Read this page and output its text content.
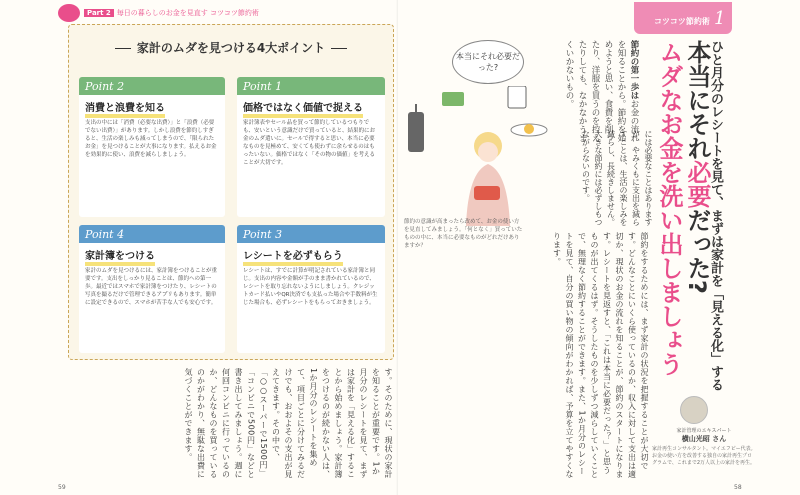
Part 2 毎日の暮らしのお金を見直す コツコツ節約術
家計のムダを見つける4大ポイント
Point 2
消費と浪費を知る
支出の中には「消費（必要な出費）」と「浪費（必要でない出費）」があります。しかし浪費を節約しすぎると、生活の楽しみも減ってしまうので、「限られたお金」を見つけることが大事になります。払えるお金を効果的に使い、浪費を減らしましょう。
Point 1
価格ではなく価値で捉える
家計簿表やセール品を買って節約しているつもりでも、安いという意識だけで買っていると、結果的にお金のムダ遣いに。セールで得すると思い、本当に必要なものを見極めて、安くても使わずに余らせるのはもったいない。価格ではなく「その物の価値」を考えることが大切です。
Point 3
レシートを必ずもらう
レシートは、すでに計算が明記されている家計簿と同じ。支出の内容や金額が手のまま書かれているので、レシートを取り忘れないようにしましょう。クレジットカード払いやQR決済でも支払った場合や手数料が生じた場合も、必ずレシートをもらっておきましょう。
Point 4
家計簿をつける
家計のムダを見つけるには、家計簿をつけることが重要です。支出をしっかり見ることは、節約への第一歩。最近ではスマホで家計簿をつけたり、レシートの写真を撮るだけで管理できるアプリもあります。簡単に設定できるので、スマホが苦手な人でも安心です。
す。そのために、現状の家計を知ることが重要です。1か月分のレシートを見て、まずは家計を「見える化」することから始めましょう。家計簿をつけるのが続かない人は、1か月分のレシートを集めて、項目ごとに分けてみるだけでも、おおよその支出が見えてきます。その中で、「○○スーパーで1500円」「コンビニで500円」などと書き出してみましょう。週に何回コンビニに行っているのか、どんなものを買っているのかがわかり、無駄な出費に気づくことができます。
59
コツコツ節約術 1
ひと月分のレシートを見て、まずは家計を「見える化」する
本当にそれ必要だった?
ムダなお金を洗い出しましょう
節約の第一歩はお金の流れを知ることから。節約を始めようと思い、食費を削ったり、洋服を買うのを控えたりしても、なかなかうまくいかないもの。
本当にそれ必要だった?
節約の意識が高まったら改めて、お金の使い方を見直してみましょう。「何となく」買っていたものの中に、本当に必要なものがどれだけありますか？
には必要なことはありますが、やみくもに支出を減らすことは、生活の楽しみを減らし、長続きしません。大きな節約には必ずしもつながらないのです。
節約をするためには、まず家計の状況を把握することが大切です。どんなことにいくら使っているのか、収入に対して支出は適切か、現状のお金の流れを知ることが、節約のスタートになります。レシートを見返すと、「これは本当に必要だった？」と思うものが出てくるはず。そうしたものを少しずつ減らしていくことで、無理なく節約することができます。また、1か月分のレシートを見て、自分の買い物の傾向がわかれば、予算を立てやすくなります。
家計管理のエキスパート
横山光昭 さん
家計再生コンサルタント。マイエフピー代表。お金の使い方を改善する独自の家計再生プログラムで、これまで2万人以上の家計を再生。
58
